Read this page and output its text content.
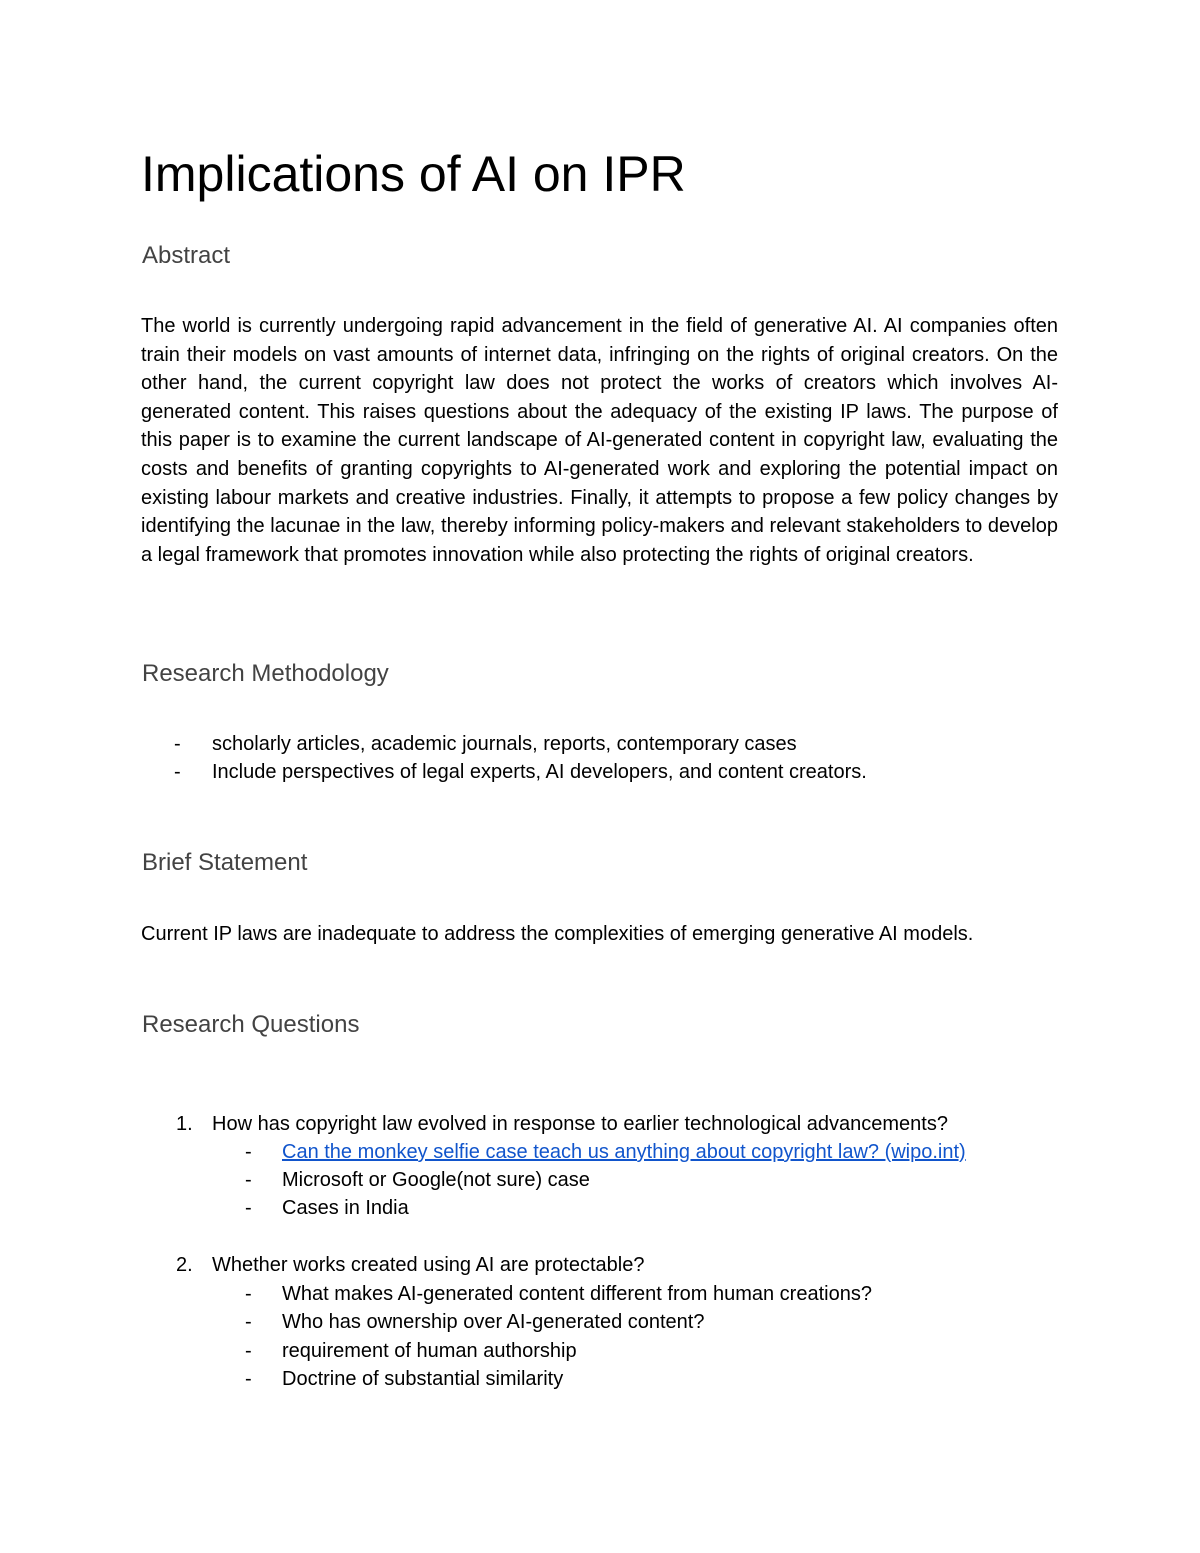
Implications of AI on IPR
Abstract

The world is currently undergoing rapid advancement in the field of generative AI. AI companies often train their models on vast amounts of internet data, infringing on the rights of original creators. On the other hand, the current copyright law does not protect the works of creators which involves AI-generated content. This raises questions about the adequacy of the existing IP laws. The purpose of this paper is to examine the current landscape of AI-generated content in copyright law, evaluating the costs and benefits of granting copyrights to AI-generated work and exploring the potential impact on existing labour markets and creative industries. Finally, it attempts to propose a few policy changes by identifying the lacunae in the law, thereby informing policy-makers and relevant stakeholders to develop a legal framework that promotes innovation while also protecting the rights of original creators.

Research Methodology
- scholarly articles, academic journals, reports, contemporary cases
- Include perspectives of legal experts, AI developers, and content creators.
Brief Statement

Current IP laws are inadequate to address the complexities of emerging generative AI models.

Research Questions
1. How has copyright law evolved in response to earlier technological advancements?
- Can the monkey selfie case teach us anything about copyright law? (wipo.int)
- Microsoft or Google(not sure) case
- Cases in India
2. Whether works created using AI are protectable?
- What makes AI-generated content different from human creations?
- Who has ownership over AI-generated content?
- requirement of human authorship
- Doctrine of substantial similarity
